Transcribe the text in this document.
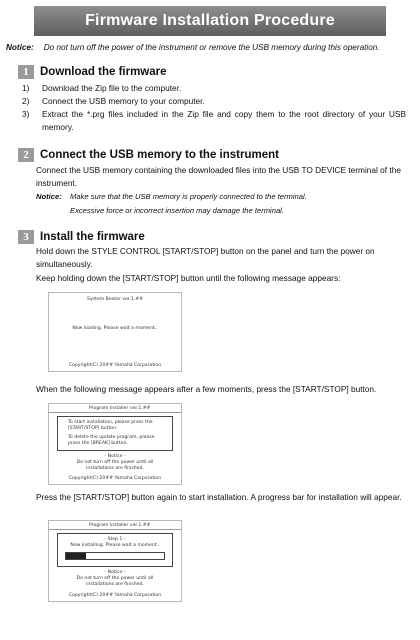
Firmware Installation Procedure
Notice: Do not turn off the power of the instrument or remove the USB memory during this operation.
1 Download the firmware
1)	Download the Zip file to the computer.
2)	Connect the USB memory to your computer.
3)	Extract the *.prg files included in the Zip file and copy them to the root directory of your USB memory.
2 Connect the USB memory to the instrument
Connect the USB memory containing the downloaded files into the USB TO DEVICE terminal of the instrument.
Notice: Make sure that the USB memory is properly connected to the terminal.
Excessive force or incorrect insertion may damage the terminal.
3 Install the firmware
Hold down the STYLE CONTROL [START/STOP] button on the panel and turn the power on simultaneously.
Keep holding down the [START/STOP] button until the following message appears:
System Booter ver.1.##
Now loading. Please wait a moment..
Copyright(C) 20## Yamaha Corporation
When the following message appears after a few moments, press the [START/STOP] button.
Program Installer ver.1.##

To start installation, please press the [START/STOP] button.

To delete the update program, please press the [BREAK] button.

- Notice -
Do not turn off the power until all installations are finished.
Copyright(C) 20## Yamaha Corporation
Press the [START/STOP] button again to start installation. A progress bar for installation will appear.
Program Installer ver.1.##
- Step 1 -
Now installing. Please wait a moment..
- Notice -
Do not turn off the power until all installations are finished.
Copyright(C) 20## Yamaha Corporation
